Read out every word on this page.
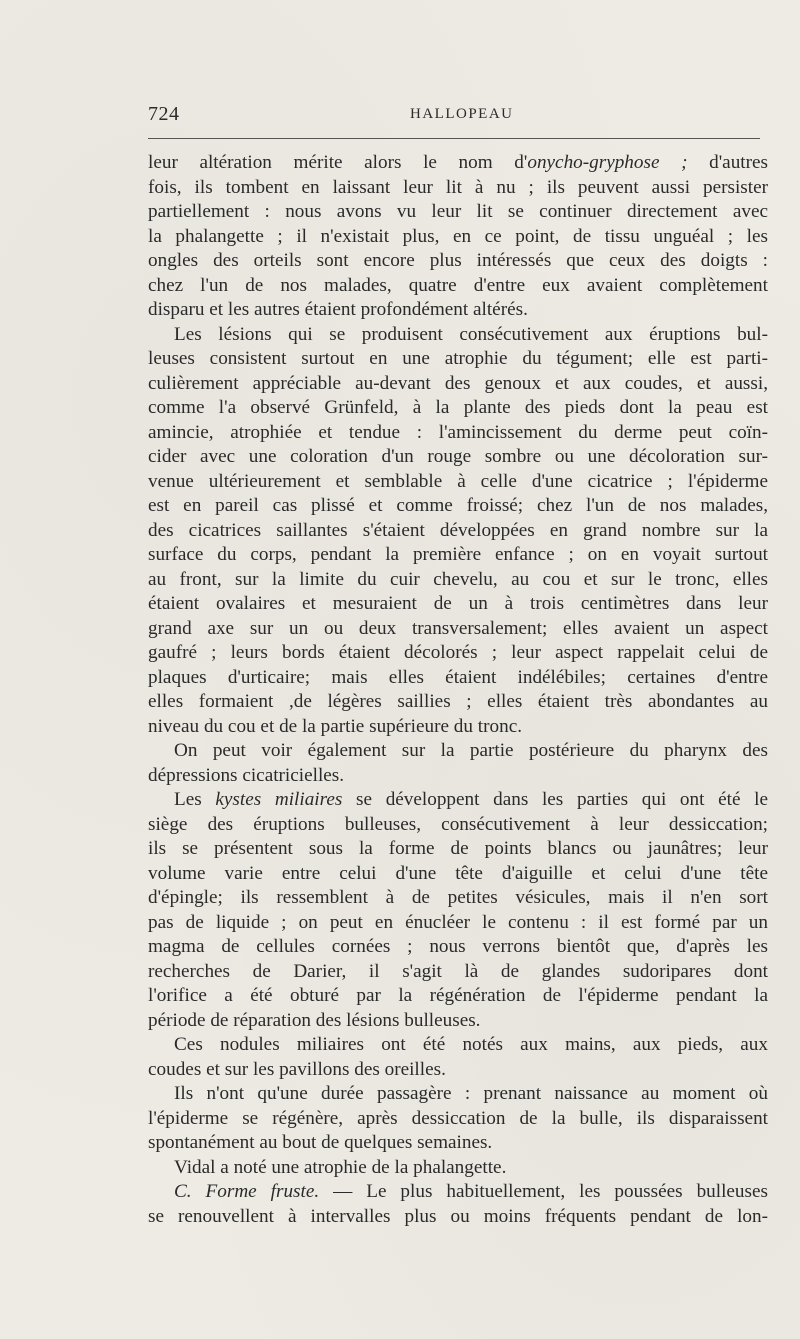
724	HALLOPEAU
leur altération mérite alors le nom d'onycho-gryphose ; d'autres
fois, ils tombent en laissant leur lit à nu ; ils peuvent aussi persister
partiellement : nous avons vu leur lit se continuer directement avec
la phalangette ; il n'existait plus, en ce point, de tissu unguéal ; les
ongles des orteils sont encore plus intéressés que ceux des doigts :
chez l'un de nos malades, quatre d'entre eux avaient complètement
disparu et les autres étaient profondément altérés.
Les lésions qui se produisent consécutivement aux éruptions bul-
leuses consistent surtout en une atrophie du tégument; elle est parti-
culièrement appréciable au-devant des genoux et aux coudes, et aussi,
comme l'a observé Grünfeld, à la plante des pieds dont la peau est
amincie, atrophiée et tendue : l'amincissement du derme peut coïn-
cider avec une coloration d'un rouge sombre ou une décoloration sur-
venue ultérieurement et semblable à celle d'une cicatrice ; l'épiderme
est en pareil cas plissé et comme froissé; chez l'un de nos malades,
des cicatrices saillantes s'étaient développées en grand nombre sur la
surface du corps, pendant la première enfance ; on en voyait surtout
au front, sur la limite du cuir chevelu, au cou et sur le tronc, elles
étaient ovalaires et mesuraient de un à trois centimètres dans leur
grand axe sur un ou deux transversalement; elles avaient un aspect
gaufré ; leurs bords étaient décolorés ; leur aspect rappelait celui de
plaques d'urticaire; mais elles étaient indélébiles; certaines d'entre
elles formaient ,de légères saillies ; elles étaient très abondantes au
niveau du cou et de la partie supérieure du tronc.
On peut voir également sur la partie postérieure du pharynx des
dépressions cicatricielles.
Les kystes miliaires se développent dans les parties qui ont été le
siège des éruptions bulleuses, consécutivement à leur dessiccation;
ils se présentent sous la forme de points blancs ou jaunâtres; leur
volume varie entre celui d'une tête d'aiguille et celui d'une tête
d'épingle; ils ressemblent à de petites vésicules, mais il n'en sort
pas de liquide ; on peut en énucléer le contenu : il est formé par un
magma de cellules cornées ; nous verrons bientôt que, d'après les
recherches de Darier, il s'agit là de glandes sudoripares dont
l'orifice a été obturé par la régénération de l'épiderme pendant la
période de réparation des lésions bulleuses.
Ces nodules miliaires ont été notés aux mains, aux pieds, aux
coudes et sur les pavillons des oreilles.
Ils n'ont qu'une durée passagère : prenant naissance au moment où
l'épiderme se régénère, après dessiccation de la bulle, ils disparaissent
spontanément au bout de quelques semaines.
Vidal a noté une atrophie de la phalangette.
C. Forme fruste. — Le plus habituellement, les poussées bulleuses
se renouvellent à intervalles plus ou moins fréquents pendant de lon-
